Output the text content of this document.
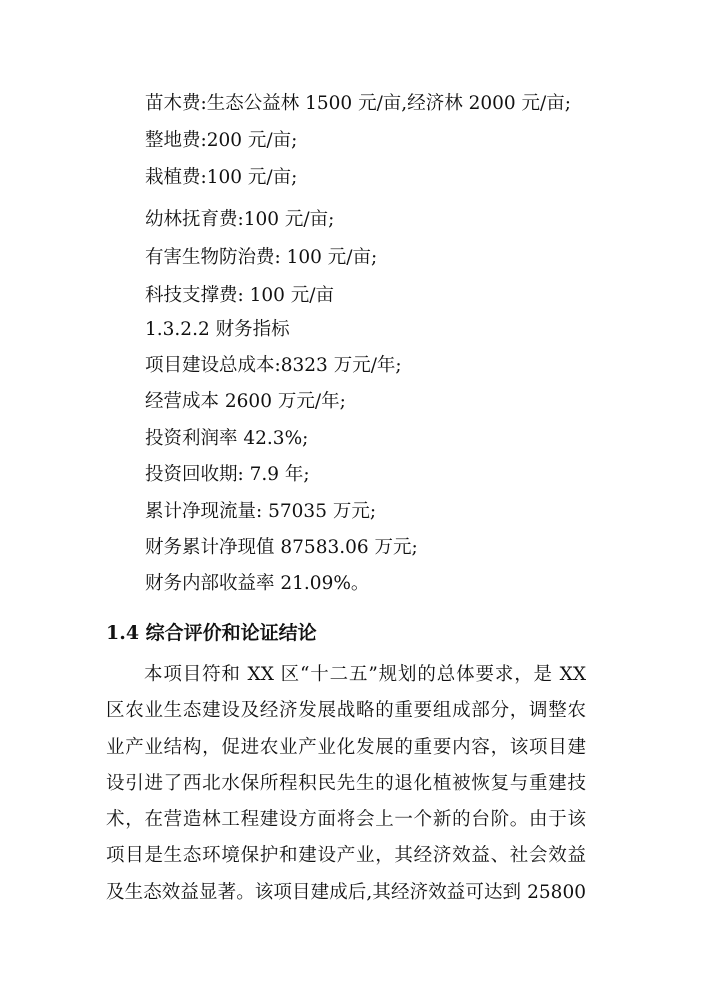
苗木费:生态公益林 1500 元/亩,经济林 2000 元/亩;
整地费:200 元/亩;
栽植费:100 元/亩;
幼林抚育费:100 元/亩;
有害生物防治费: 100 元/亩;
科技支撑费: 100 元/亩
1.3.2.2 财务指标
项目建设总成本:8323 万元/年;
经营成本 2600 万元/年;
投资利润率 42.3%;
投资回收期: 7.9 年;
累计净现流量: 57035 万元;
财务累计净现值 87583.06 万元;
财务内部收益率 21.09%。
1.4 综合评价和论证结论
本项目符和 XX 区“十二五”规划的总体要求，是 XX
区农业生态建设及经济发展战略的重要组成部分，调整农
业产业结构，促进农业产业化发展的重要内容，该项目建
设引进了西北水保所程积民先生的退化植被恢复与重建技
术，在营造林工程建设方面将会上一个新的台阶。由于该
项目是生态环境保护和建设产业，其经济效益、社会效益
及生态效益显著。该项目建成后,其经济效益可达到 25800
